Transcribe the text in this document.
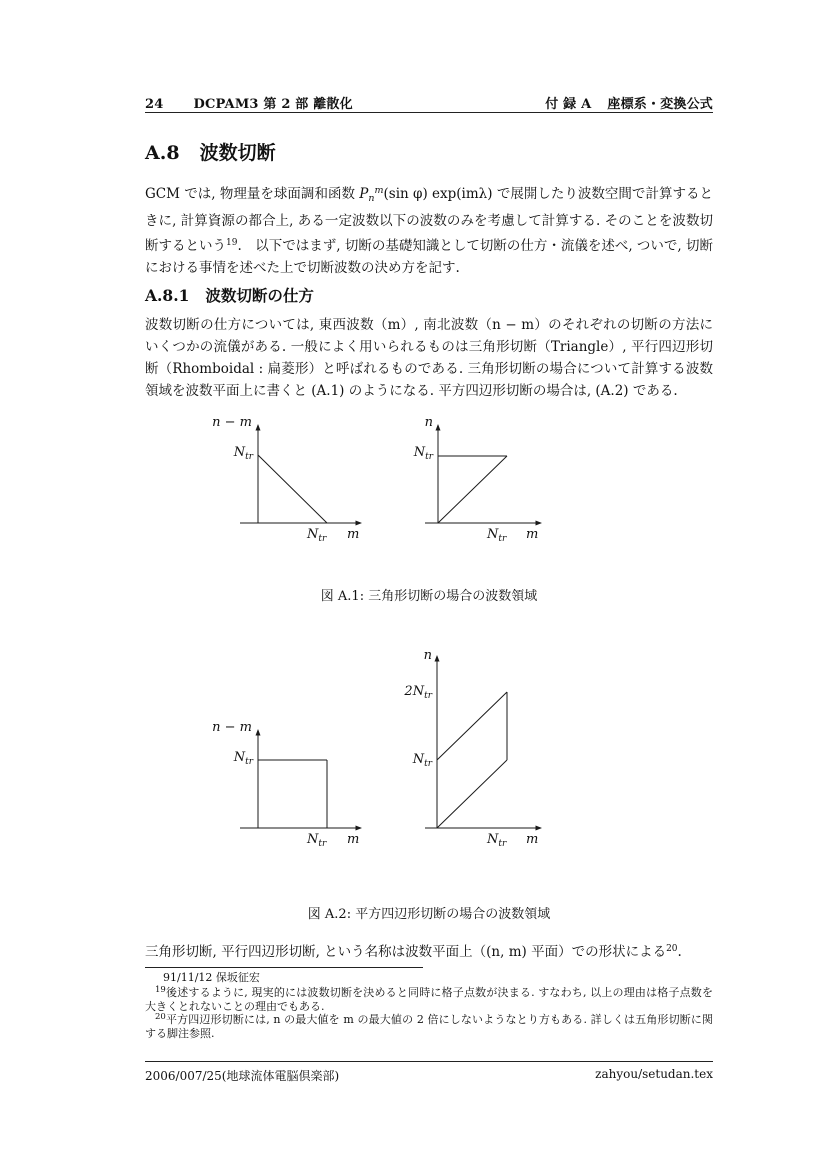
24 DCPAM3 第 2 部 離散化	付 録 A 座標系・変換公式
A.8 波数切断
GCM では, 物理量を球面調和函数 $P_n^m(\sin$ φ) exp(imλ) で展開したり波数空間で計算するときに, 計算資源の都合上, ある一定波数以下の波数のみを考慮して計算する. そのことを波数切断するという$^{19}$.　以下ではまず, 切断の基礎知識として切断の仕方・流儀を述べ, ついで, 切断における事情を述べた上で切断波数の決め方を記す.
A.8.1 波数切断の仕方
波数切断の仕方については, 東西波数（m）, 南北波数（n − m）のそれぞれの切断の方法にいくつかの流儀がある. 一般によく用いられるものは三角形切断（Triangle）, 平行四辺形切断（Rhomboidal : 扁菱形）と呼ばれるものである. 三角形切断の場合について計算する波数領域を波数平面上に書くと (A.1) のようになる. 平方四辺形切断の場合は, (A.2) である.
n − m
$N_{tr}$
$N_{tr}$ m
n
$N_{tr}$
$N_{tr}$ m
図 A.1: 三角形切断の場合の波数領域
n − m
$N_{tr}$
$N_{tr}$ m
n
$2N_{tr}$
$N_{tr}$
$N_{tr}$ m
図 A.2: 平方四辺形切断の場合の波数領域
三角形切断, 平行四辺形切断, という名称は波数平面上（(n, m) 平面）での形状による$^{20}$.
91/11/12 保坂征宏
$^{19}$後述するように, 現実的には波数切断を決めると同時に格子点数が決まる. すなわち, 以上の理由は格子点数を大きくとれないことの理由でもある.
$^{20}$平方四辺形切断には, n の最大値を m の最大値の 2 倍にしないようなとり方もある. 詳しくは五角形切断に関する脚注参照.
2006/007/25(地球流体電脳倶楽部)	zahyou/setudan.tex
